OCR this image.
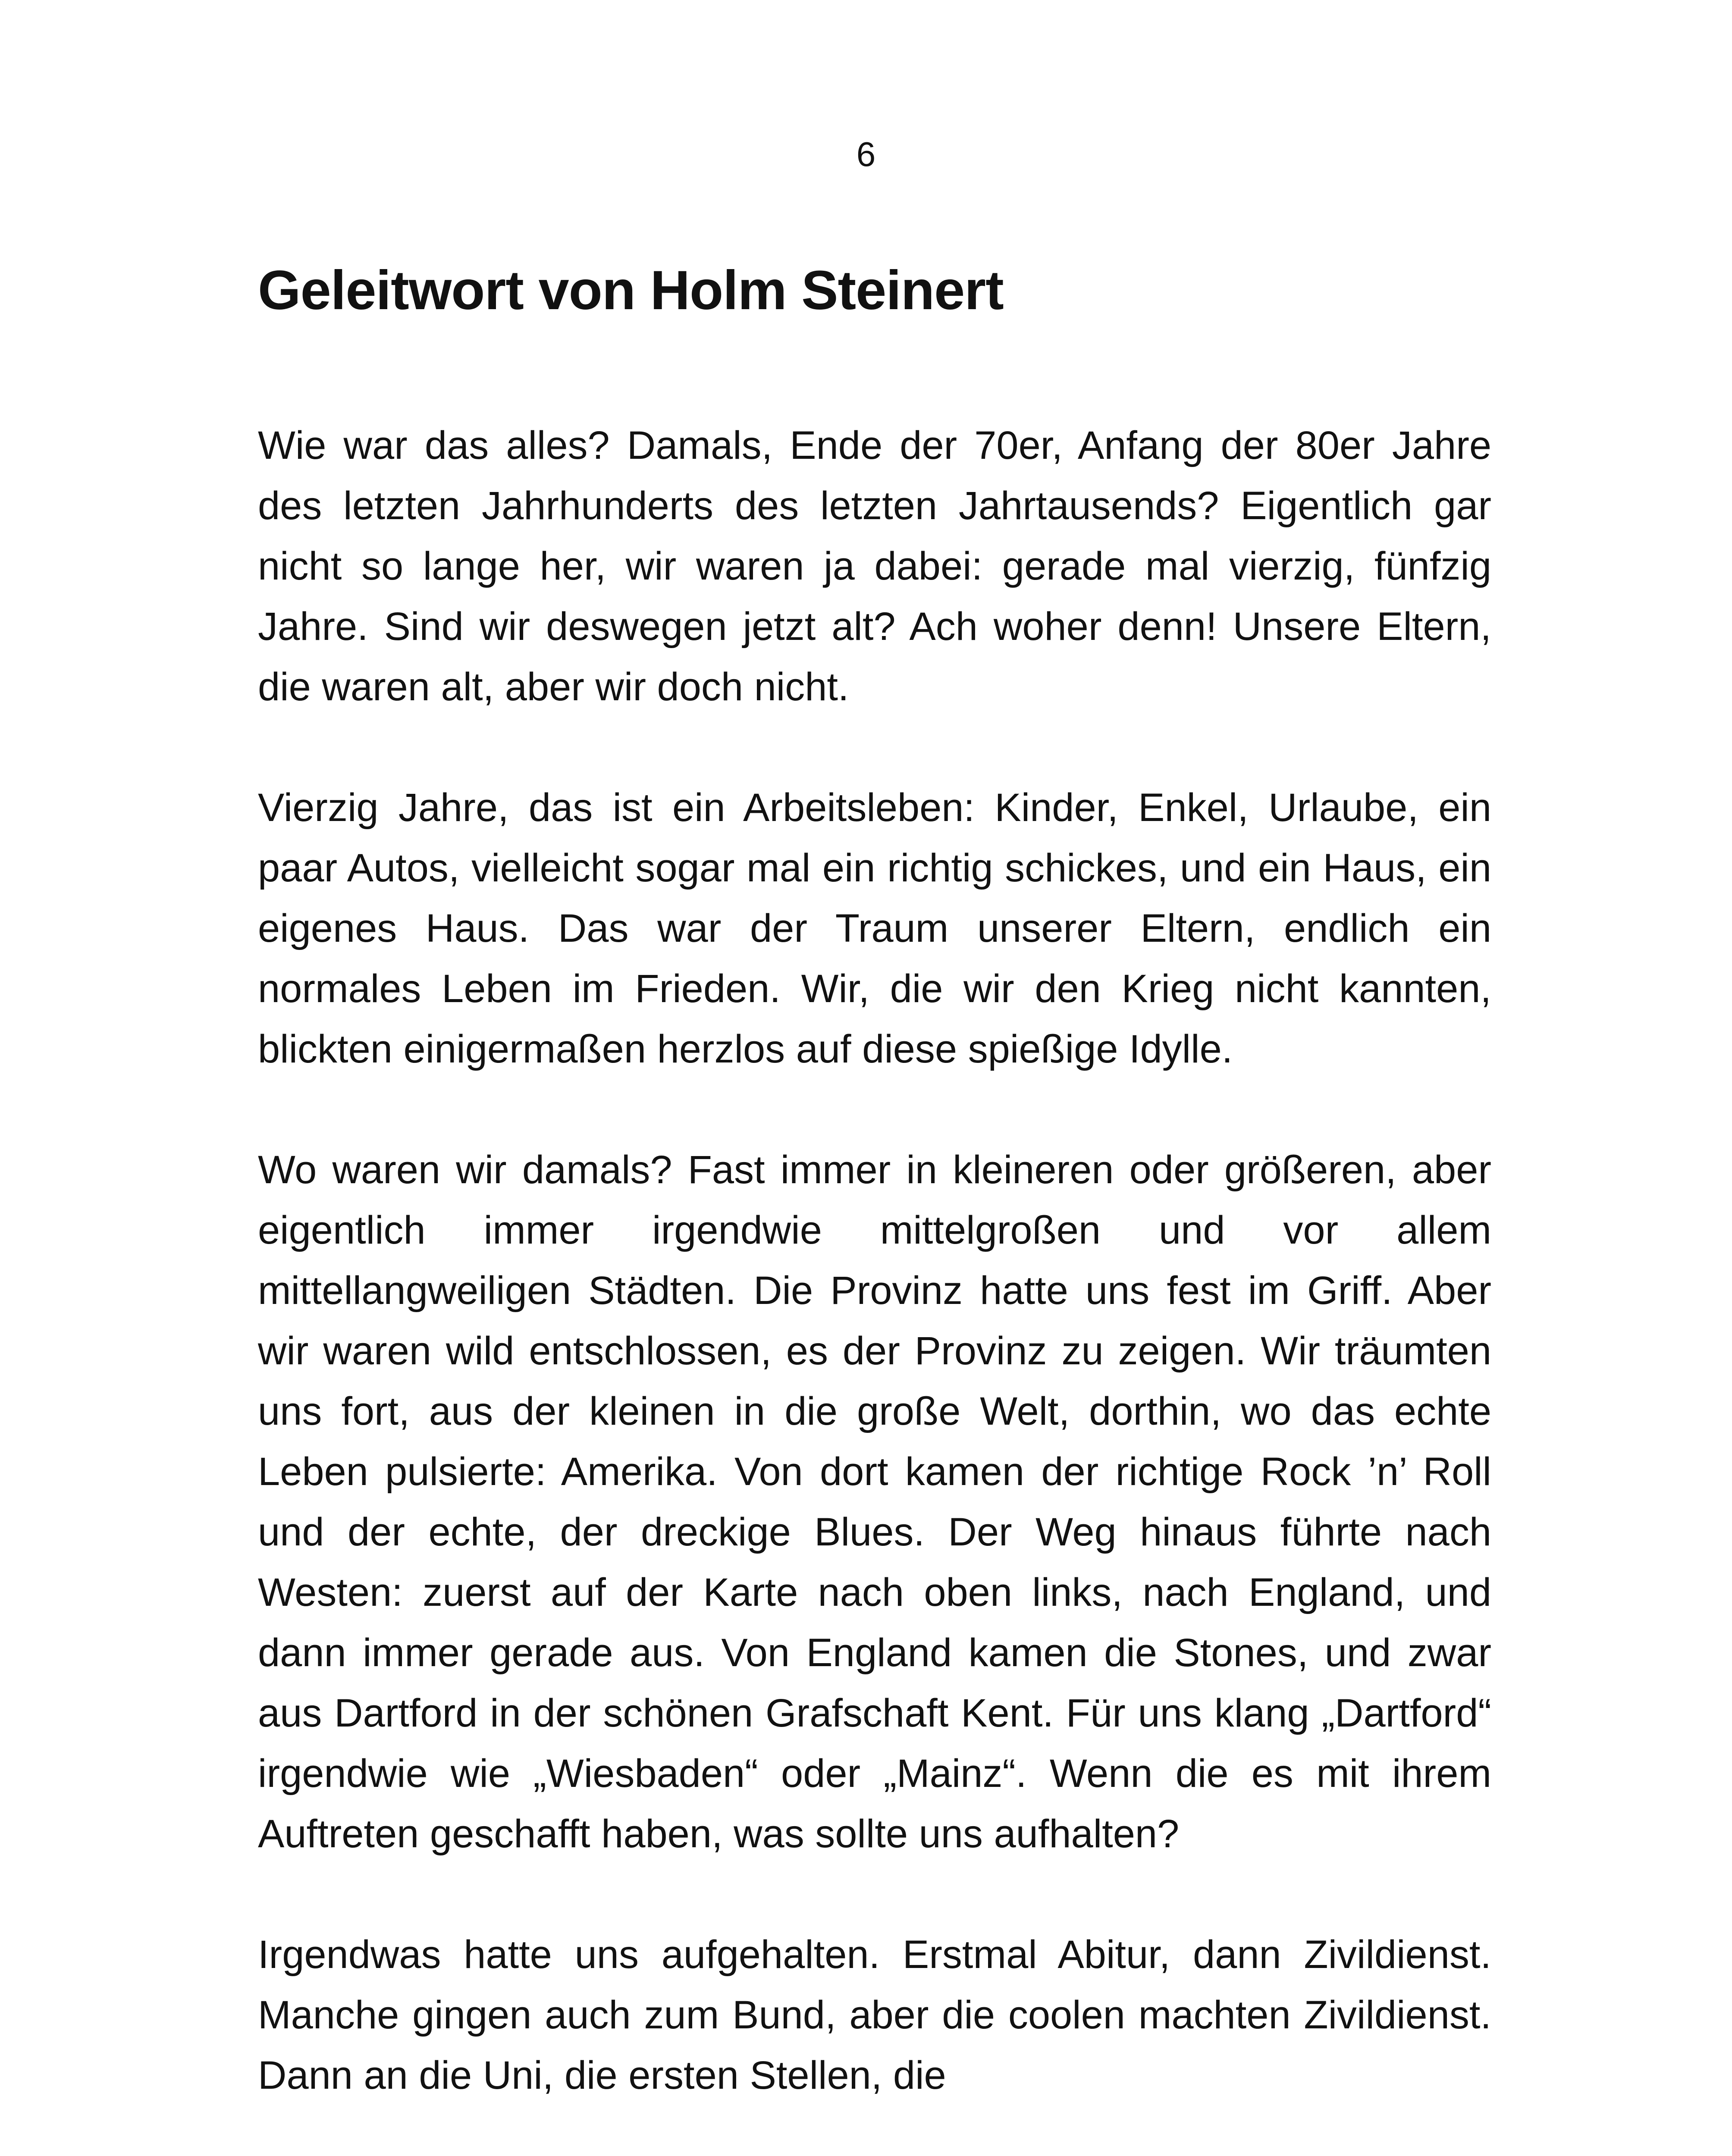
6
Geleitwort von Holm Steinert

Wie war das alles? Damals, Ende der 70er, Anfang der 80er Jahre des letzten Jahrhunderts des letzten Jahrtausends? Eigentlich gar nicht so lange her, wir waren ja dabei: gerade mal vierzig, fünfzig Jahre. Sind wir deswegen jetzt alt? Ach woher denn! Unsere Eltern, die waren alt, aber wir doch nicht.

Vierzig Jahre, das ist ein Arbeitsleben: Kinder, Enkel, Urlaube, ein paar Autos, vielleicht sogar mal ein richtig schickes, und ein Haus, ein eigenes Haus. Das war der Traum unserer Eltern, endlich ein normales Leben im Frieden. Wir, die wir den Krieg nicht kannten, blickten einigermaßen herzlos auf diese spießige Idylle.

Wo waren wir damals? Fast immer in kleineren oder größeren, aber eigentlich immer irgendwie mittelgroßen und vor allem mittellangweiligen Städten. Die Provinz hatte uns fest im Griff. Aber wir waren wild entschlossen, es der Provinz zu zeigen. Wir träumten uns fort, aus der kleinen in die große Welt, dorthin, wo das echte Leben pulsierte: Amerika. Von dort kamen der richtige Rock ’n’ Roll und der echte, der dreckige Blues. Der Weg hinaus führte nach Westen: zuerst auf der Karte nach oben links, nach England, und dann immer gerade aus. Von England kamen die Stones, und zwar aus Dartford in der schönen Grafschaft Kent. Für uns klang „Dartford“ irgendwie wie „Wiesbaden“ oder „Mainz“. Wenn die es mit ihrem Auftreten geschafft haben, was sollte uns aufhalten?

Irgendwas hatte uns aufgehalten. Erstmal Abitur, dann Zivildienst. Manche gingen auch zum Bund, aber die coolen machten Zivildienst. Dann an die Uni, die ersten Stellen, die
